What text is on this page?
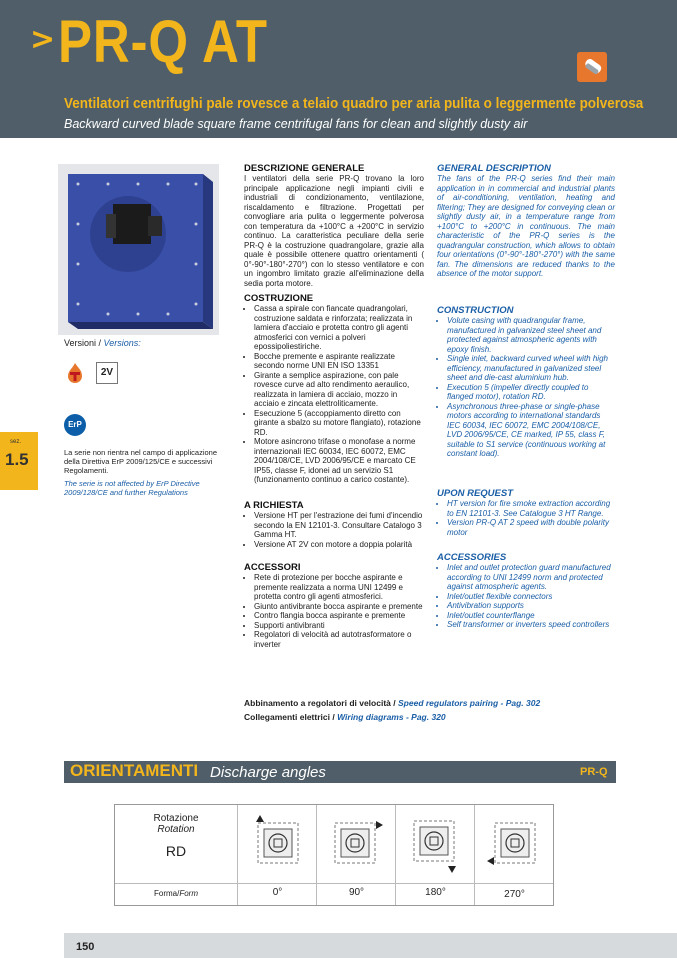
> PR-Q AT
Ventilatori centrifughi pale rovesce a telaio quadro per aria pulita o leggermente polverosa
Backward curved blade square frame centrifugal fans for clean and slightly dusty air
Versioni / Versions:
2V
ErP
sez.
1.5	La serie non rientra nel campo di applicazione della Direttiva ErP 2009/125/CE e successivi Regolamenti.
The serie is not affected by ErP Directive 2009/128/CE and further Regulations
DESCRIZIONE GENERALE
I ventilatori della serie PR-Q trovano la loro principale applicazione negli impianti civili e industriali di condizionamento, ventilazione, riscaldamento e filtrazione. Progettati per convogliare aria pulita o leggermente polverosa con temperatura da +100°C a +200°C in servizio continuo. La caratteristica peculiare della serie PR-Q è la costruzione quadrangolare, grazie alla quale è possibile ottenere quattro orientamenti ( 0°-90°-180°-270°) con lo stesso ventilatore e con un ingombro limitato grazie all'eliminazione della sedia porta motore.
COSTRUZIONE
• Cassa a spirale con fiancate quadrangolari, costruzione saldata e rinforzata; realizzata in lamiera d'acciaio e protetta contro gli agenti atmosferici con vernici a polveri epossipoliestiriche.
• Bocche premente e aspirante realizzate secondo norme UNI EN ISO 13351
• Girante a semplice aspirazione, con pale rovesce curve ad alto rendimento aeraulico, realizzata in lamiera di acciaio, mozzo in acciaio e zincata elettroliticamente.
• Esecuzione 5 (accoppiamento diretto con girante a sbalzo su motore flangiato), rotazione RD.
• Motore asincrono trifase o monofase a norme internazionali IEC 60034, IEC 60072, EMC 2004/108/CE, LVD 2006/95/CE e marcato CE IP55, classe F, idonei ad un servizio S1 (funzionamento continuo a carico costante).
A RICHIESTA
• Versione HT per l'estrazione dei fumi d'incendio secondo la EN 12101-3. Consultare Catalogo 3 Gamma HT.
• Versione AT 2V con motore a doppia polarità
ACCESSORI
• Rete di protezione per bocche aspirante e premente realizzata a norma UNI 12499 e protetta contro gli agenti atmosferici.
• Giunto antivibrante bocca aspirante e premente
• Contro flangia bocca aspirante e premente
• Supporti antivibranti
• Regolatori di velocità ad autotrasformatore o inverter
GENERAL DESCRIPTION
The fans of the PR-Q series find their main application in in commercial and industrial plants of air-conditioning, ventilation, heating and filtering; They are designed for conveying clean or slightly dusty air, in a temperature range from +100°C to +200°C in continuous. The main characteristic of the PR-Q series is the quadrangular construction, which allows to obtain four orientations (0°-90°-180°-270°) with the same fan. The dimensions are reduced thanks to the absence of the motor support.
CONSTRUCTION
• Volute casing with quadrangular frame, manufactured in galvanized steel sheet and protected against atmospheric agents with epoxy finish.
• Single inlet, backward curved wheel with high efficiency, manufactured in galvanized steel sheet and die-cast aluminium hub.
• Execution 5 (impeller directly coupled to flanged motor), rotation RD.
• Asynchronous three-phase or single-phase motors according to international standards IEC 60034, IEC 60072, EMC 2004/108/CE, LVD 2006/95/CE, CE marked, IP 55, class F, suitable to S1 service (continuous working at constant load).
UPON REQUEST
• HT version for fire smoke extraction according to EN 12101-3. See Catalogue 3 HT Range.
• Version PR-Q AT 2 speed with double polarity motor
ACCESSORIES
• Inlet and outlet protection guard manufactured according to UNI 12499 norm and protected against atmospheric agents.
• Inlet/outlet flexible connectors
• Antivibration supports
• Inlet/outlet counterflange
• Self transformer or inverters speed controllers
Abbinamento a regolatori di velocità / Speed regulators pairing - Pag. 302
Collegamenti elettrici / Wiring diagrams - Pag. 320
ORIENTAMENTI Discharge angles	PR-Q
Rotazione
Rotation
RD
Forma/Form	0°	90°	180°	270°
150
